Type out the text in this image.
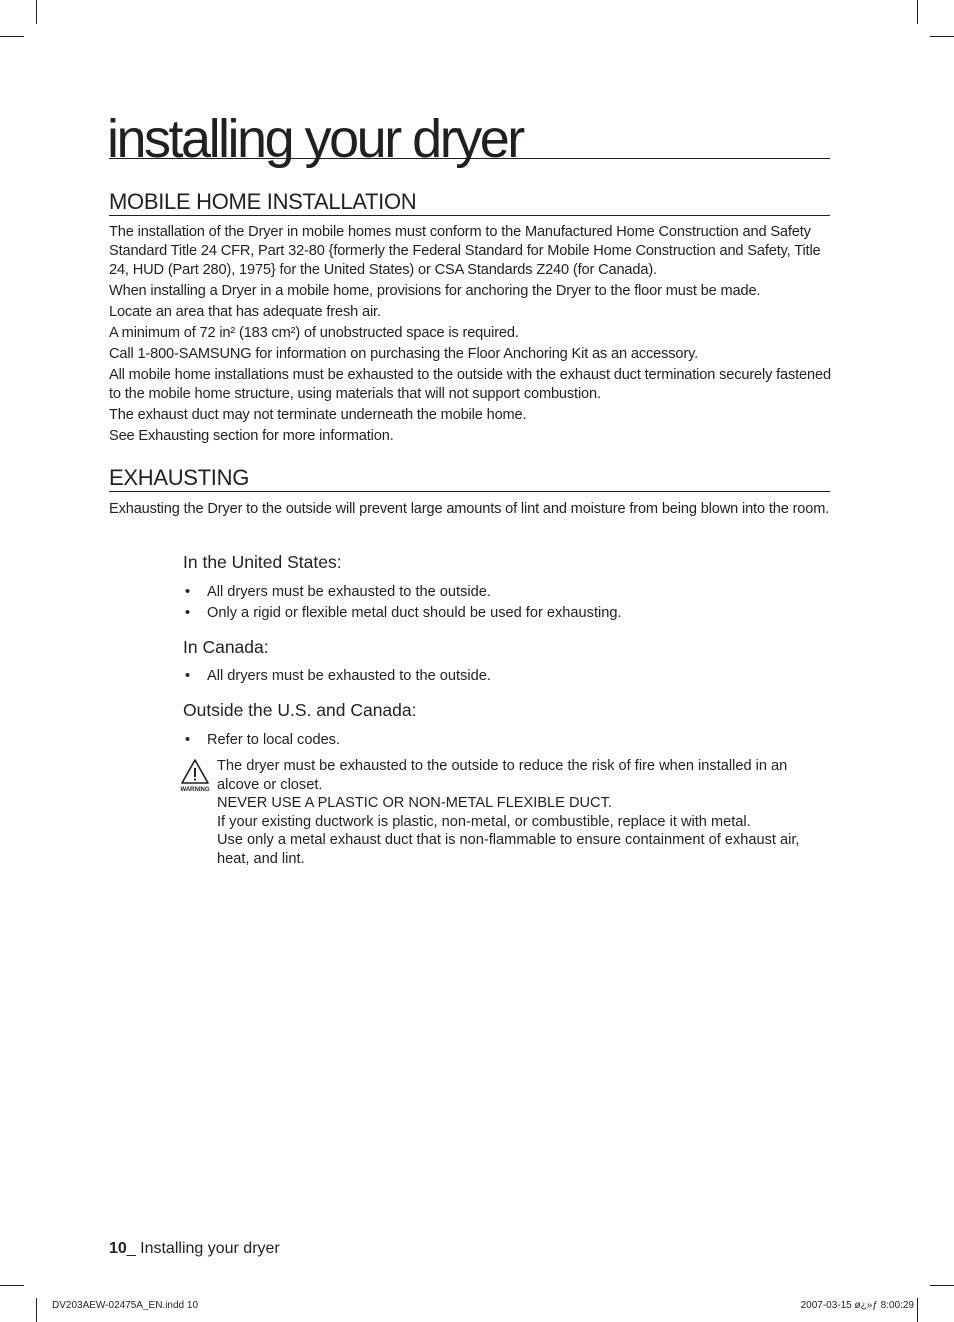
installing your dryer
MOBILE HOME INSTALLATION
The installation of the Dryer in mobile homes must conform to the Manufactured Home Construction and Safety Standard Title 24 CFR, Part 32-80 {formerly the Federal Standard for Mobile Home Construction and Safety, Title 24, HUD (Part 280), 1975} for the United States) or CSA Standards Z240 (for Canada).
When installing a Dryer in a mobile home, provisions for anchoring the Dryer to the floor must be made.
Locate an area that has adequate fresh air.
A minimum of 72 in² (183 cm²) of unobstructed space is required.
Call 1-800-SAMSUNG for information on purchasing the Floor Anchoring Kit as an accessory.
All mobile home installations must be exhausted to the outside with the exhaust duct termination securely fastened to the mobile home structure, using materials that will not support combustion.
The exhaust duct may not terminate underneath the mobile home.
See Exhausting section for more information.
EXHAUSTING
Exhausting the Dryer to the outside will prevent large amounts of lint and moisture from being blown into the room.
In the United States:
• All dryers must be exhausted to the outside.
• Only a rigid or flexible metal duct should be used for exhausting.
In Canada:
• All dryers must be exhausted to the outside.
Outside the U.S. and Canada:
• Refer to local codes.
WARNING
The dryer must be exhausted to the outside to reduce the risk of fire when installed in an alcove or closet.
NEVER USE A PLASTIC OR NON-METAL FLEXIBLE DUCT.
If your existing ductwork is plastic, non-metal, or combustible, replace it with metal.
Use only a metal exhaust duct that is non-flammable to ensure containment of exhaust air, heat, and lint.
10_ Installing your dryer
DV203AEW-02475A_EN.indd 10	2007-03-15 ø¿»ƒ 8:00:29
